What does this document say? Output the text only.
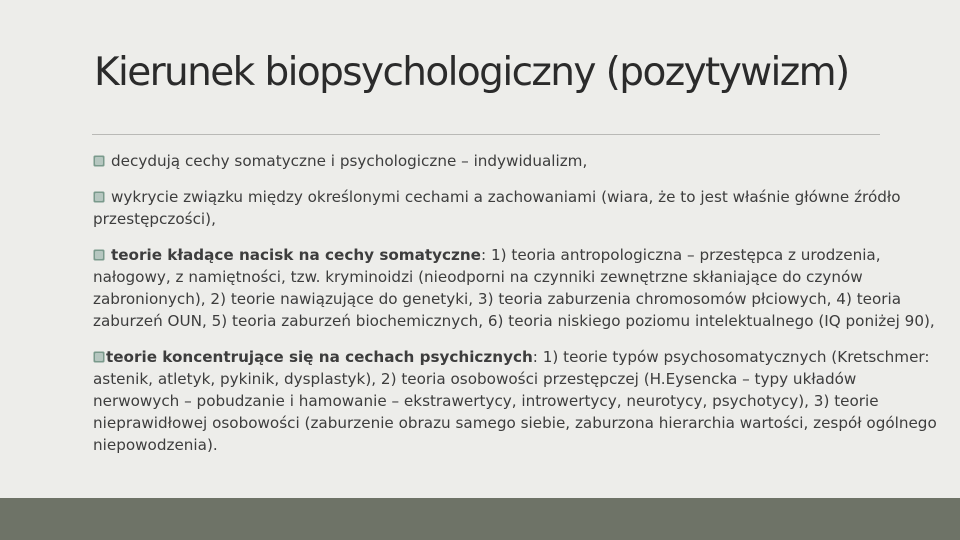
Kierunek biopsychologiczny (pozytywizm)
decydują cechy somatyczne i psychologiczne – indywidualizm,
wykrycie związku między określonymi cechami a zachowaniami (wiara, że to jest właśnie główne źródło przestępczości),
teorie kładące nacisk na cechy somatyczne: 1) teoria antropologiczna – przestępca z urodzenia, nałogowy, z namiętności, tzw. kryminoidzi (nieodporni na czynniki zewnętrzne skłaniające do czynów zabronionych), 2) teorie nawiązujące do genetyki, 3) teoria zaburzenia chromosomów płciowych, 4) teoria zaburzeń OUN, 5) teoria zaburzeń biochemicznych, 6) teoria niskiego poziomu intelektualnego (IQ poniżej 90),
teorie koncentrujące się na cechach psychicznych: 1) teorie typów psychosomatycznych (Kretschmer: astenik, atletyk, pykinik, dysplastyk), 2) teoria osobowości przestępczej (H.Eysencka – typy układów nerwowych – pobudzanie i hamowanie – ekstrawertycy, introwertycy, neurotycy, psychotycy), 3) teorie nieprawidłowej osobowości (zaburzenie obrazu samego siebie, zaburzona hierarchia wartości, zespół ogólnego niepowodzenia).
